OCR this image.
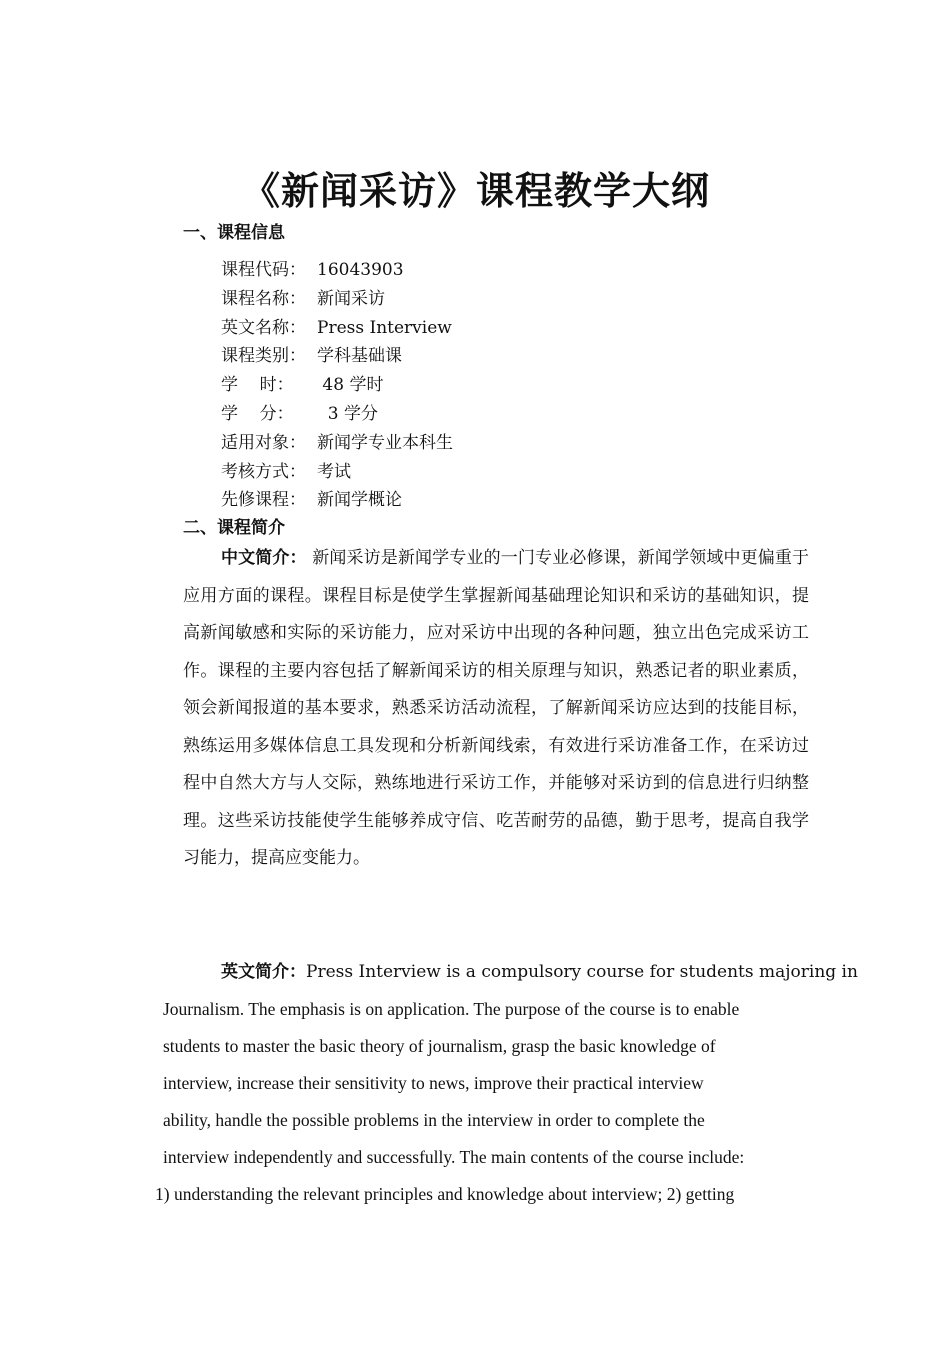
《新闻采访》课程教学大纲
一、课程信息
课程代码： 16043903
课程名称： 新闻采访
英文名称： Press Interview
课程类别： 学科基础课
学    时：	48 学时
学    分：	3 学分
适用对象： 新闻学专业本科生
考核方式： 考试
先修课程： 新闻学概论
二、课程简介

中文简介： 新闻采访是新闻学专业的一门专业必修课，新闻学领域中更偏重于应用方面的课程。课程目标是使学生掌握新闻基础理论知识和采访的基础知识，提高新闻敏感和实际的采访能力，应对采访中出现的各种问题，独立出色完成采访工作。课程的主要内容包括了解新闻采访的相关原理与知识，熟悉记者的职业素质，领会新闻报道的基本要求，熟悉采访活动流程，了解新闻采访应达到的技能目标，熟练运用多媒体信息工具发现和分析新闻线索，有效进行采访准备工作，在采访过程中自然大方与人交际，熟练地进行采访工作，并能够对采访到的信息进行归纳整理。这些采访技能使学生能够养成守信、吃苦耐劳的品德，勤于思考，提高自我学习能力，提高应变能力。

英文简介：Press Interview is a compulsory course for students majoring in
Journalism. The emphasis is on application. The purpose of the course is to enable
students to master the basic theory of journalism, grasp the basic knowledge of
interview, increase their sensitivity to news, improve their practical interview
ability, handle the possible problems in the interview in order to complete the
interview independently and successfully. The main contents of the course include:
1) understanding the relevant principles and knowledge about interview; 2) getting
